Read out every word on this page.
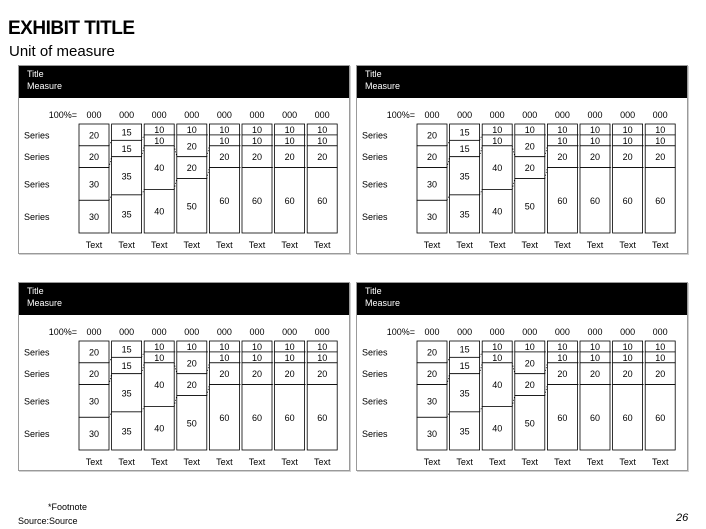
EXHIBIT TITLE
Unit of measure
Title
Measure
100%= 000
20
20
30
30
Text
000
15
15
35
35
Text
000
10
10
40
40
Text
000
10
20
20
50
Text
000
10
10
20
60
Text
000
10
10
20
60
Text
000
10
10
20
60
Text
000
10
10
20
60
Text
Series
Series
Series
Series
Title
Measure
100%= 000
20
20
30
30
Text
000
15
15
35
35
Text
000
10
10
40
40
Text
000
10
20
20
50
Text
000
10
10
20
60
Text
000
10
10
20
60
Text
000
10
10
20
60
Text
000
10
10
20
60
Text
Series
Series
Series
Series
Title
Measure
100%= 000
20
20
30
30
Text
000
15
15
35
35
Text
000
10
10
40
40
Text
000
10
20
20
50
Text
000
10
10
20
60
Text
000
10
10
20
60
Text
000
10
10
20
60
Text
000
10
10
20
60
Text
Series
Series
Series
Series
Title
Measure
100%= 000
20
20
30
30
Text
000
15
15
35
35
Text
000
10
10
40
40
Text
000
10
20
20
50
Text
000
10
10
20
60
Text
000
10
10
20
60
Text
000
10
10
20
60
Text
000
10
10
20
60
Text
Series
Series
Series
Series
*Footnote
Source:Source	26
